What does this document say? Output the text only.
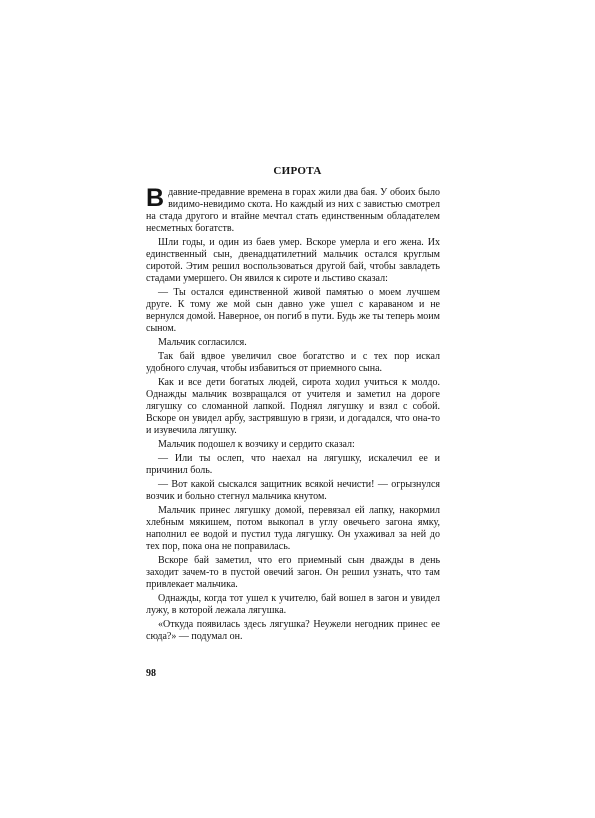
СИРОТА

Вдавние-предавние времена в горах жили два бая. У обоих было видимо-невидимо скота. Но каждый из них с завистью смотрел на стада другого и втайне мечтал стать единственным обладателем несметных богатств.

Шли годы, и один из баев умер. Вскоре умерла и его жена. Их единственный сын, двенадцатилетний мальчик остался круглым сиротой. Этим решил воспользоваться другой бай, чтобы завладеть стадами умершего. Он явился к сироте и льстиво сказал:

— Ты остался единственной живой памятью о моем лучшем друге. К тому же мой сын давно уже ушел с караваном и не вернулся домой. Наверное, он погиб в пути. Будь же ты теперь моим сыном.

Мальчик согласился.

Так бай вдвое увеличил свое богатство и с тех пор искал удобного случая, чтобы избавиться от приемного сына.

Как и все дети богатых людей, сирота ходил учиться к молдо. Однажды мальчик возвращался от учителя и заметил на дороге лягушку со сломанной лапкой. Поднял лягушку и взял с собой. Вскоре он увидел арбу, застрявшую в грязи, и догадался, что она-то и изувечила лягушку.

Мальчик подошел к возчику и сердито сказал:

— Или ты ослеп, что наехал на лягушку, искалечил ее и причинил боль.

— Вот какой сыскался защитник всякой нечисти! — огрызнулся возчик и больно стегнул мальчика кнутом.

Мальчик принес лягушку домой, перевязал ей лапку, накормил хлебным мякишем, потом выкопал в углу овечьего загона ямку, наполнил ее водой и пустил туда лягушку. Он ухаживал за ней до тех пор, пока она не поправилась.

Вскоре бай заметил, что его приемный сын дважды в день заходит зачем-то в пустой овечий загон. Он решил узнать, что там привлекает мальчика.

Однажды, когда тот ушел к учителю, бай вошел в загон и увидел лужу, в которой лежала лягушка.

«Откуда появилась здесь лягушка? Неужели негодник принес ее сюда?» — подумал он.

98
